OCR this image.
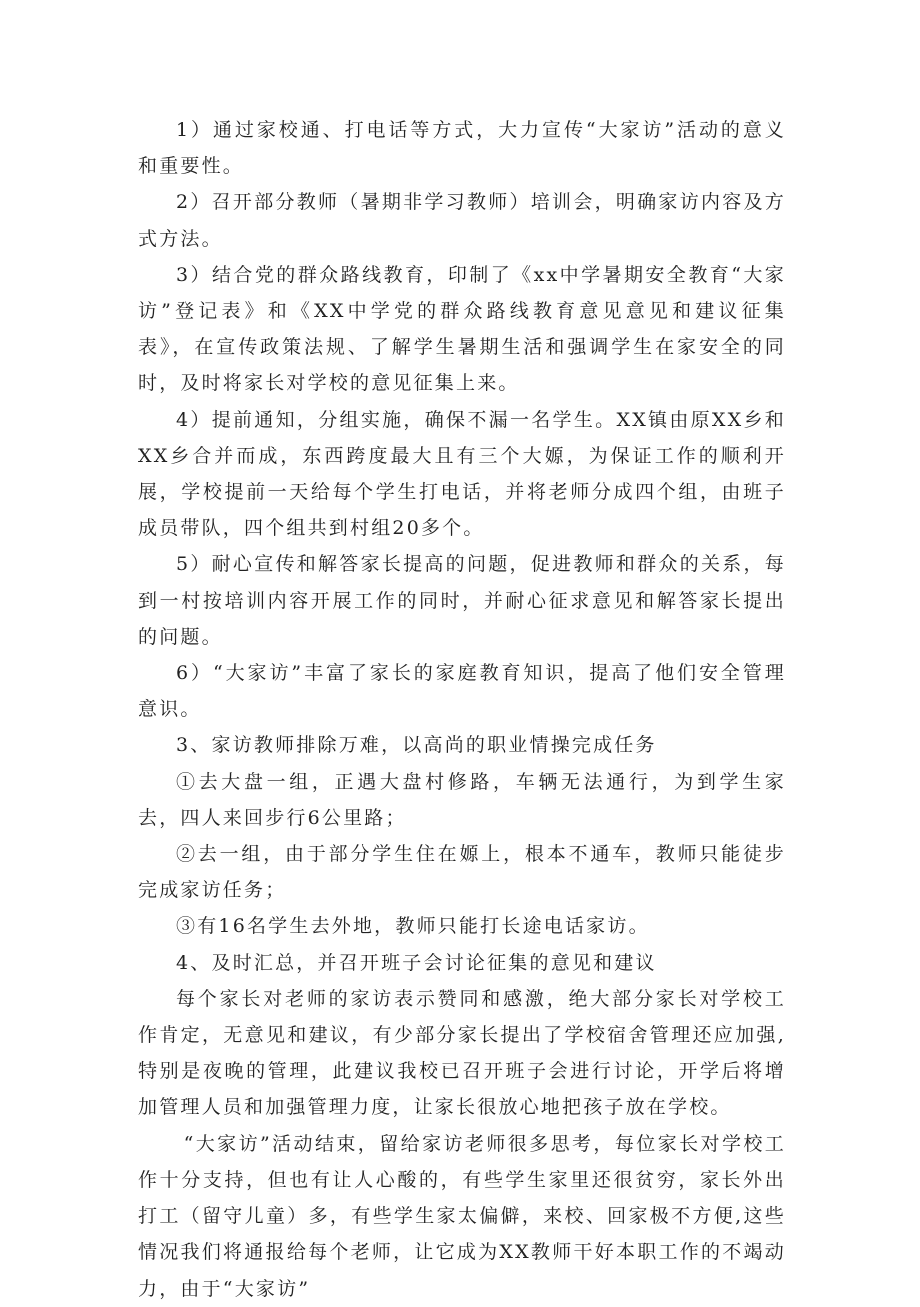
1）通过家校通、打电话等方式，大力宣传“大家访”活动的意义和重要性。

2）召开部分教师（暑期非学习教师）培训会，明确家访内容及方式方法。

3）结合党的群众路线教育，印制了《xx中学暑期安全教育“大家访”登记表》和《XX中学党的群众路线教育意见意见和建议征集表》，在宣传政策法规、了解学生暑期生活和强调学生在家安全的同时，及时将家长对学校的意见征集上来。

4）提前通知，分组实施，确保不漏一名学生。XX镇由原XX乡和XX乡合并而成，东西跨度最大且有三个大嫄，为保证工作的顺利开展，学校提前一天给每个学生打电话，并将老师分成四个组，由班子成员带队，四个组共到村组20多个。

5）耐心宣传和解答家长提高的问题，促进教师和群众的关系，每到一村按培训内容开展工作的同时，并耐心征求意见和解答家长提出的问题。

6）“大家访”丰富了家长的家庭教育知识，提高了他们安全管理意识。

3、家访教师排除万难，以高尚的职业情操完成任务

①去大盘一组，正遇大盘村修路，车辆无法通行，为到学生家去，四人来回步行6公里路；

②去一组，由于部分学生住在嫄上，根本不通车，教师只能徒步完成家访任务；

③有16名学生去外地，教师只能打长途电话家访。

4、及时汇总，并召开班子会讨论征集的意见和建议

每个家长对老师的家访表示赞同和感激，绝大部分家长对学校工作肯定，无意见和建议，有少部分家长提出了学校宿舍管理还应加强,特别是夜晚的管理，此建议我校已召开班子会进行讨论，开学后将增加管理人员和加强管理力度，让家长很放心地把孩子放在学校。

“大家访”活动结束，留给家访老师很多思考，每位家长对学校工作十分支持，但也有让人心酸的，有些学生家里还很贫穷，家长外出打工（留守儿童）多，有些学生家太偏僻，来校、回家极不方便,这些情况我们将通报给每个老师，让它成为XX教师干好本职工作的不竭动力，由于“大家访”
